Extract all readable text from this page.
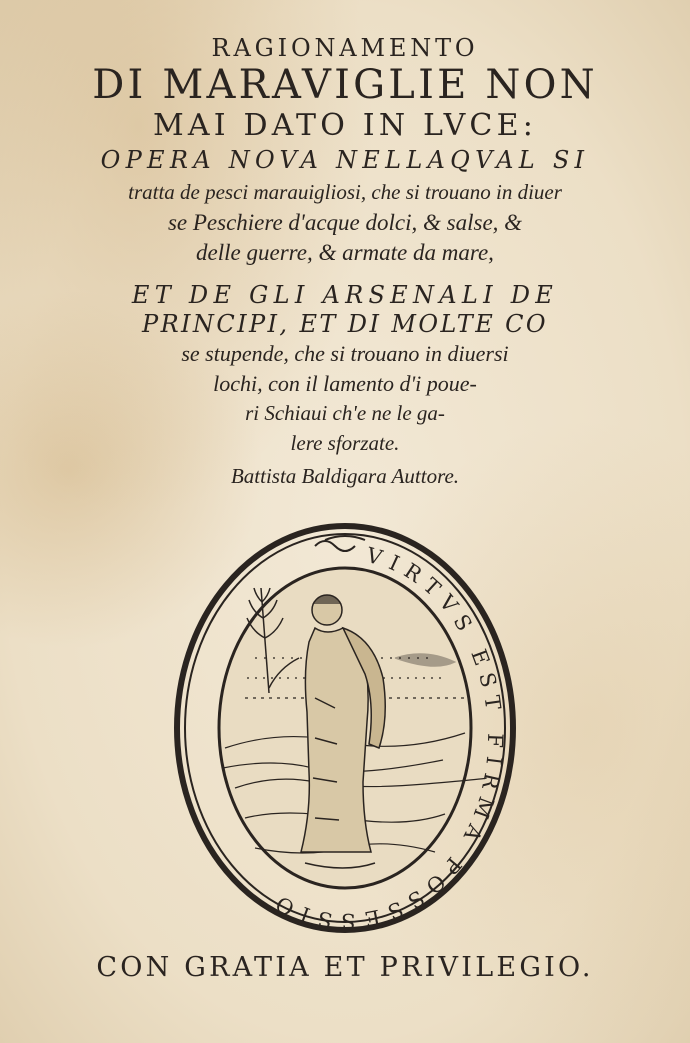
RAGIONAMENTO

DI MARAVIGLIE NON

MAI DATO IN LVCE:

OPERA NOVA NELLAQVAL SI

tratta de pesci marauigliosi, che si trouano in diuer

se Peschiere d'acque dolci, & salse, &

delle guerre, & armate da mare,

ET DE GLI ARSENALI DE

PRINCIPI, ET DI MOLTE CO

se stupende, che si trouano in diuersi

lochi, con il lamento d'i poue-

ri Schiaui ch'e ne le ga-

lere sforzate.

Battista Baldigara Auttore.

VIRTVS EST FIRMA POSSESSIO

CON GRATIA ET PRIVILEGIO.
